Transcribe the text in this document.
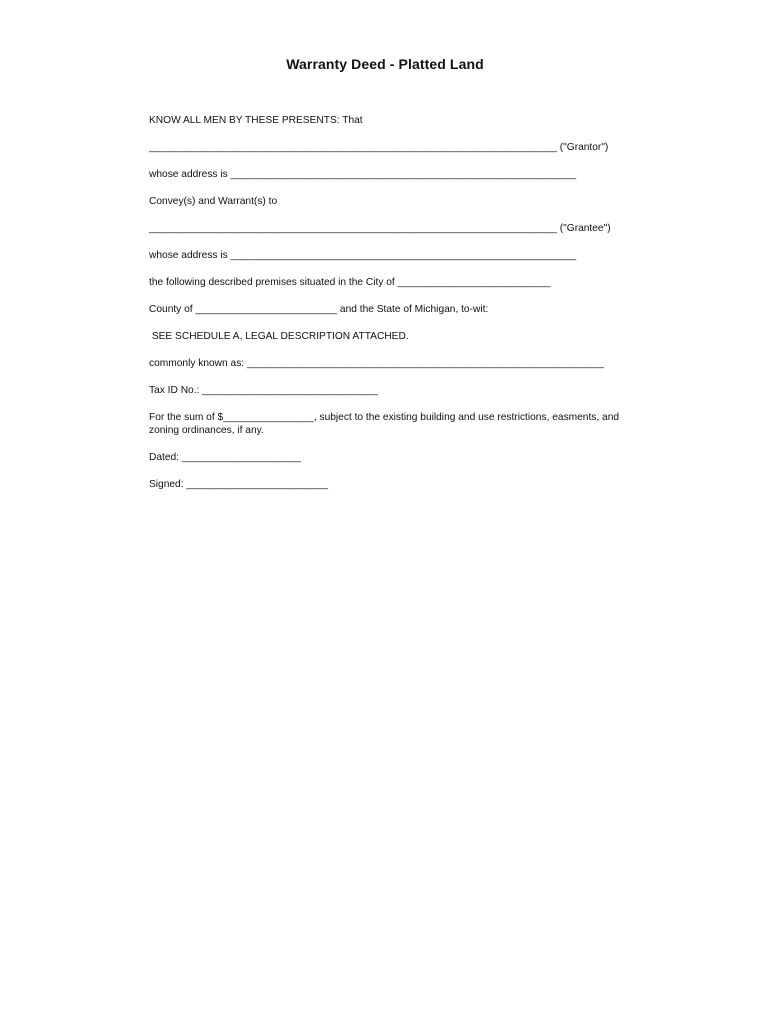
Warranty Deed - Platted Land
KNOW ALL MEN BY THESE PRESENTS: That
________________________________________________________________________ ("Grantor")
whose address is _____________________________________________________________
Convey(s) and Warrant(s) to
________________________________________________________________________ ("Grantee")
whose address is _____________________________________________________________
the following described premises situated in the City of ___________________________
County of _________________________ and the State of Michigan, to-wit:
SEE SCHEDULE A, LEGAL DESCRIPTION ATTACHED.
commonly known as: _______________________________________________________________
Tax ID No.: _______________________________
For the sum of $________________, subject to the existing building and use restrictions, easments, and zoning ordinances, if any.
Dated: _____________________
Signed: _________________________
